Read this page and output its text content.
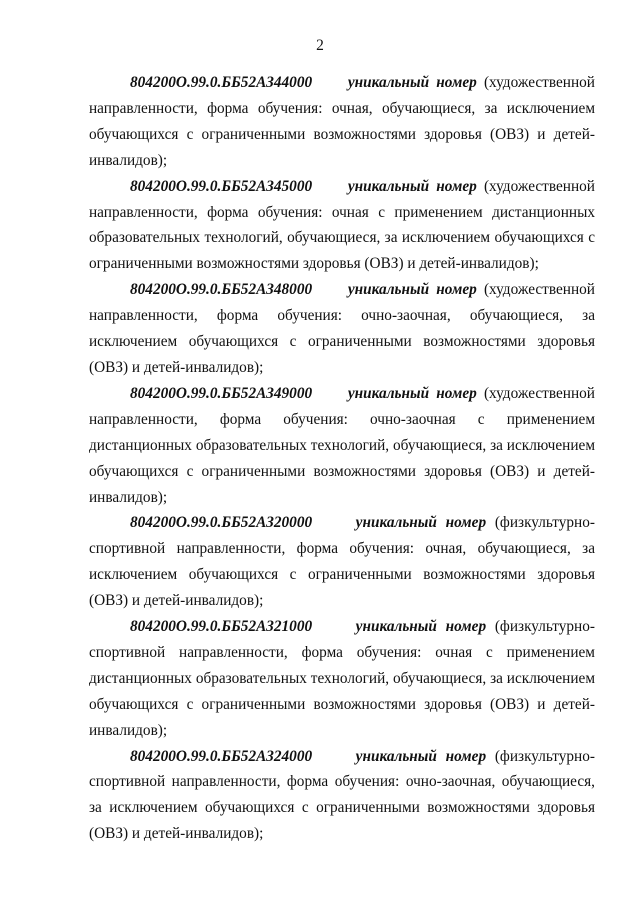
2

804200О.99.0.ББ52АЗ44000 уникальный номер (художественной направленности, форма обучения: очная, обучающиеся, за исключением обучающихся с ограниченными возможностями здоровья (ОВЗ) и детей-инвалидов);

804200О.99.0.ББ52АЗ45000 уникальный номер (художественной направленности, форма обучения: очная с применением дистанционных образовательных технологий, обучающиеся, за исключением обучающихся с ограниченными возможностями здоровья (ОВЗ) и детей-инвалидов);

804200О.99.0.ББ52АЗ48000 уникальный номер (художественной направленности, форма обучения: очно-заочная, обучающиеся, за исключением обучающихся с ограниченными возможностями здоровья (ОВЗ) и детей-инвалидов);

804200О.99.0.ББ52АЗ49000 уникальный номер (художественной направленности, форма обучения: очно-заочная с применением дистанционных образовательных технологий, обучающиеся, за исключением обучающихся с ограниченными возможностями здоровья (ОВЗ) и детей-инвалидов);

804200О.99.0.ББ52АЗ20000	уникальный номер (физкультурно-спортивной направленности, форма обучения: очная, обучающиеся, за исключением обучающихся с ограниченными возможностями здоровья (ОВЗ) и детей-инвалидов);

804200О.99.0.ББ52АЗ21000	уникальный номер (физкультурно-спортивной направленности, форма обучения: очная с применением дистанционных образовательных технологий, обучающиеся, за исключением обучающихся с ограниченными возможностями здоровья (ОВЗ) и детей-инвалидов);

804200О.99.0.ББ52АЗ24000	уникальный номер (физкультурно-спортивной направленности, форма обучения: очно-заочная, обучающиеся, за исключением обучающихся с ограниченными возможностями здоровья (ОВЗ) и детей-инвалидов);
